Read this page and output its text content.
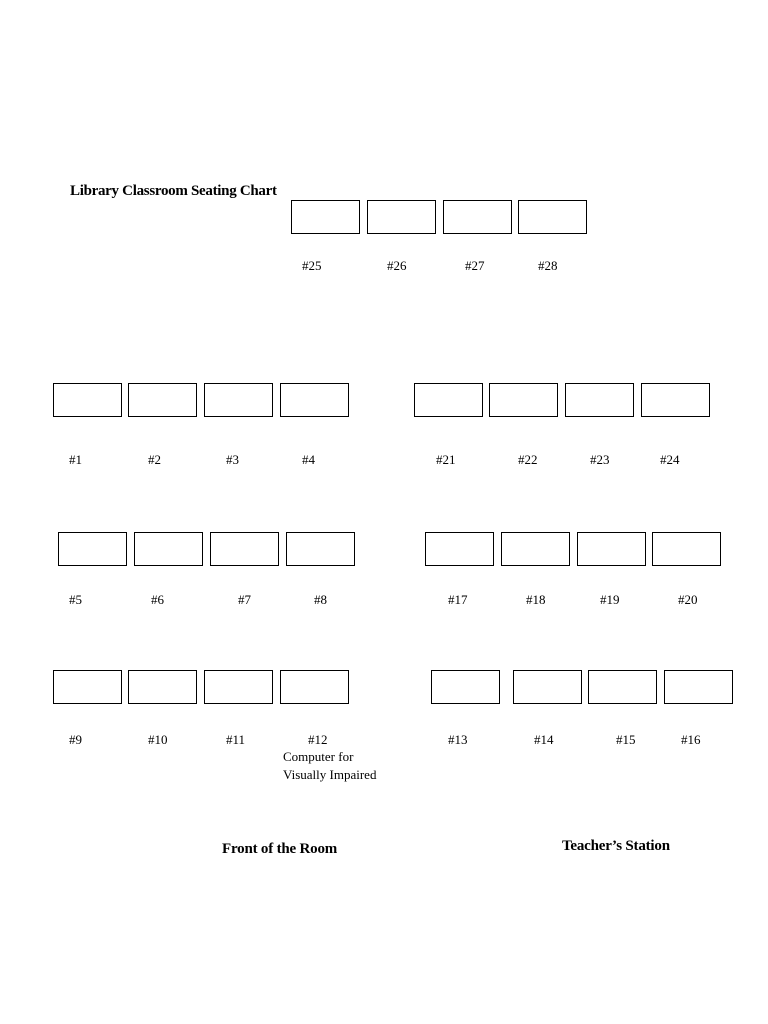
Library Classroom Seating Chart
#25	#26	#27	#28
#1	#2	#3	#4	#21	#22	#23	#24
#5	#6	#7	#8	#17	#18	#19	#20
#9	#10	#11	#12	#13	#14	#15	#16
Computer for
Visually Impaired
Front of the Room	Teacher’s Station
